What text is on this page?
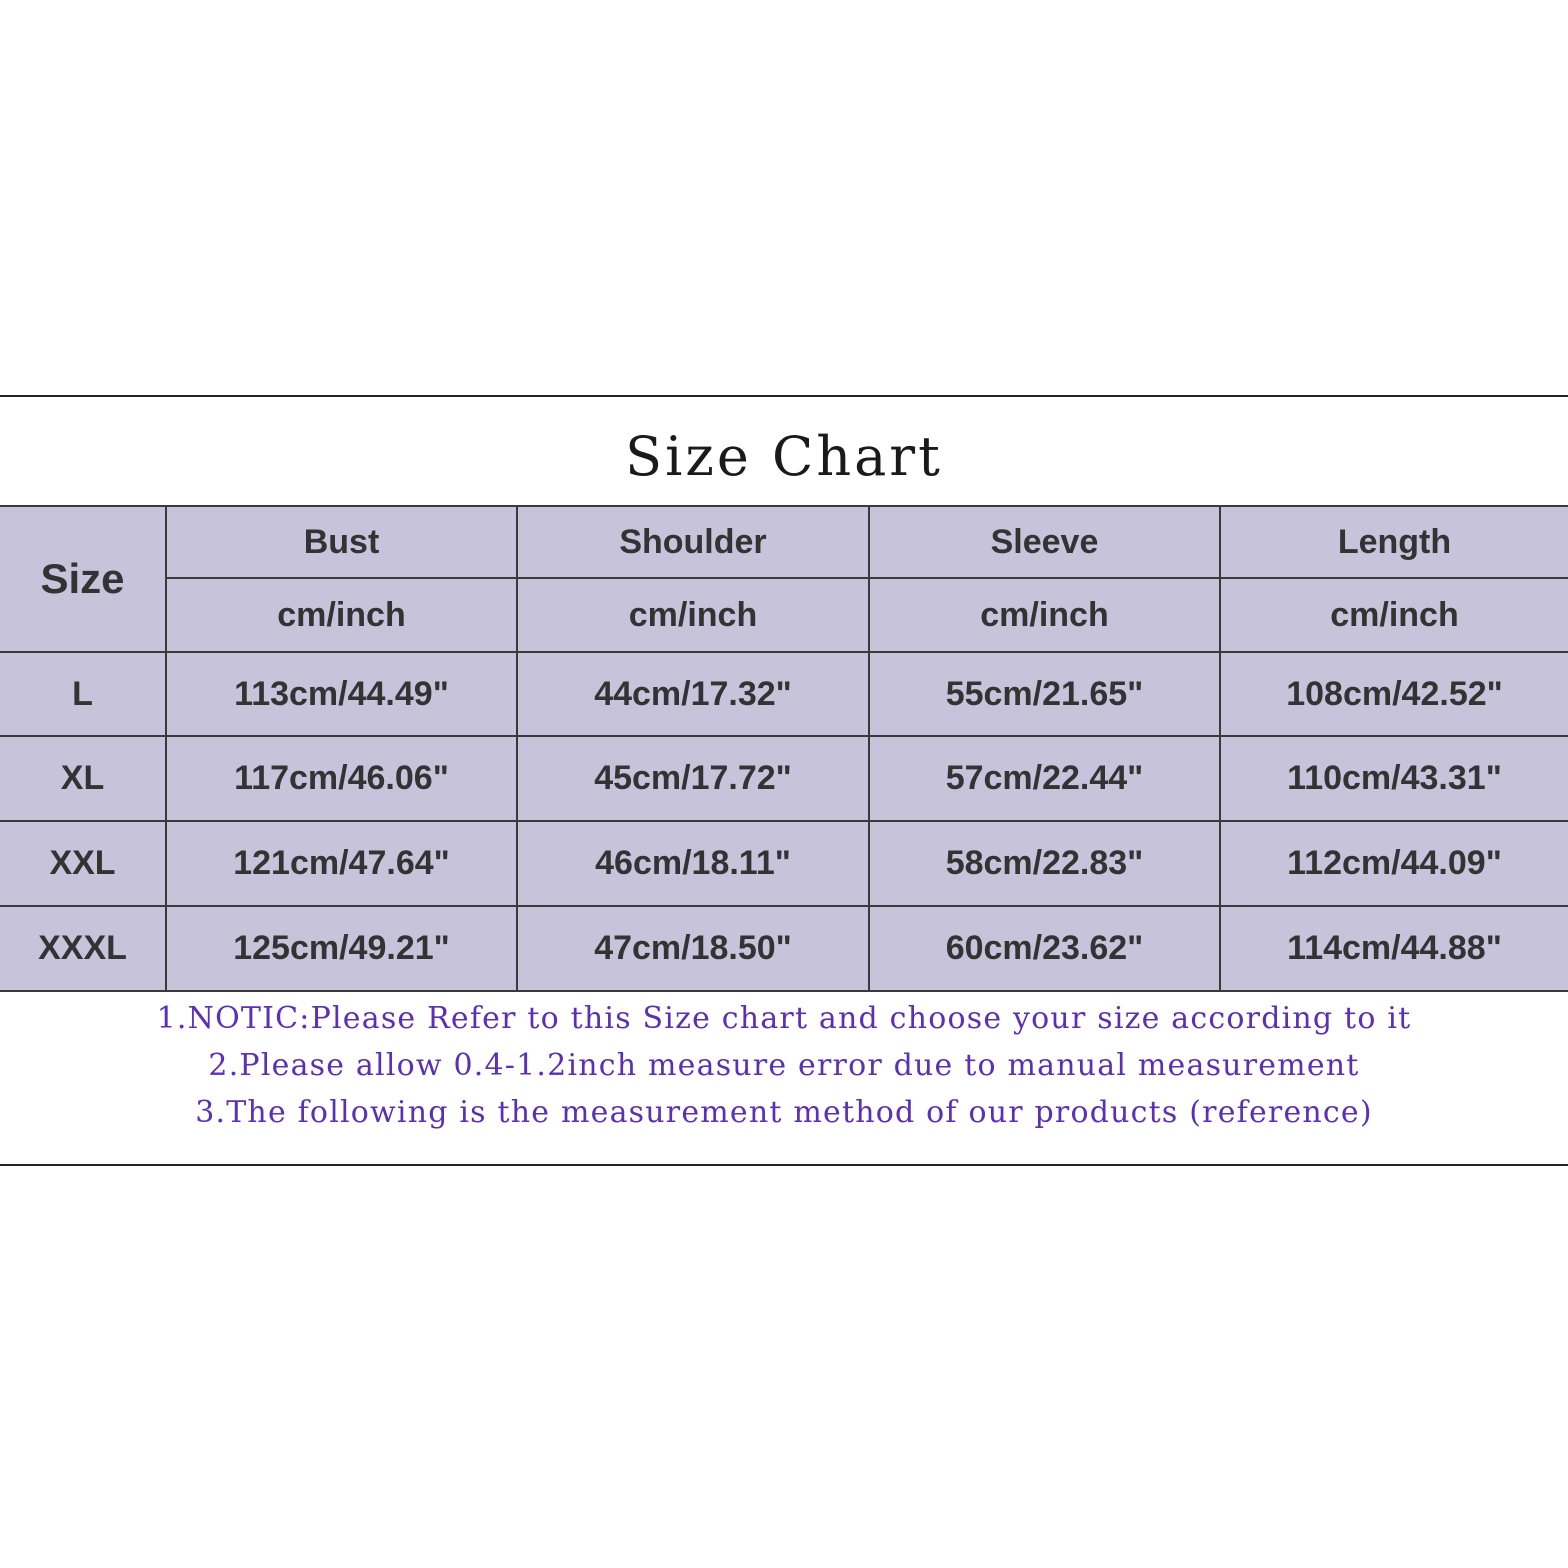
Size Chart
Size	Bust	Shoulder	Sleeve	Length
	cm/inch	cm/inch	cm/inch	cm/inch
L	113cm/44.49"	44cm/17.32"	55cm/21.65"	108cm/42.52"
XL	117cm/46.06"	45cm/17.72"	57cm/22.44"	110cm/43.31"
XXL	121cm/47.64"	46cm/18.11"	58cm/22.83"	112cm/44.09"
XXXL	125cm/49.21"	47cm/18.50"	60cm/23.62"	114cm/44.88"
1.NOTIC:Please Refer to this Size chart and choose your size according to it
2.Please allow 0.4-1.2inch measure error due to manual measurement
3.The following is the measurement method of our products (reference)
